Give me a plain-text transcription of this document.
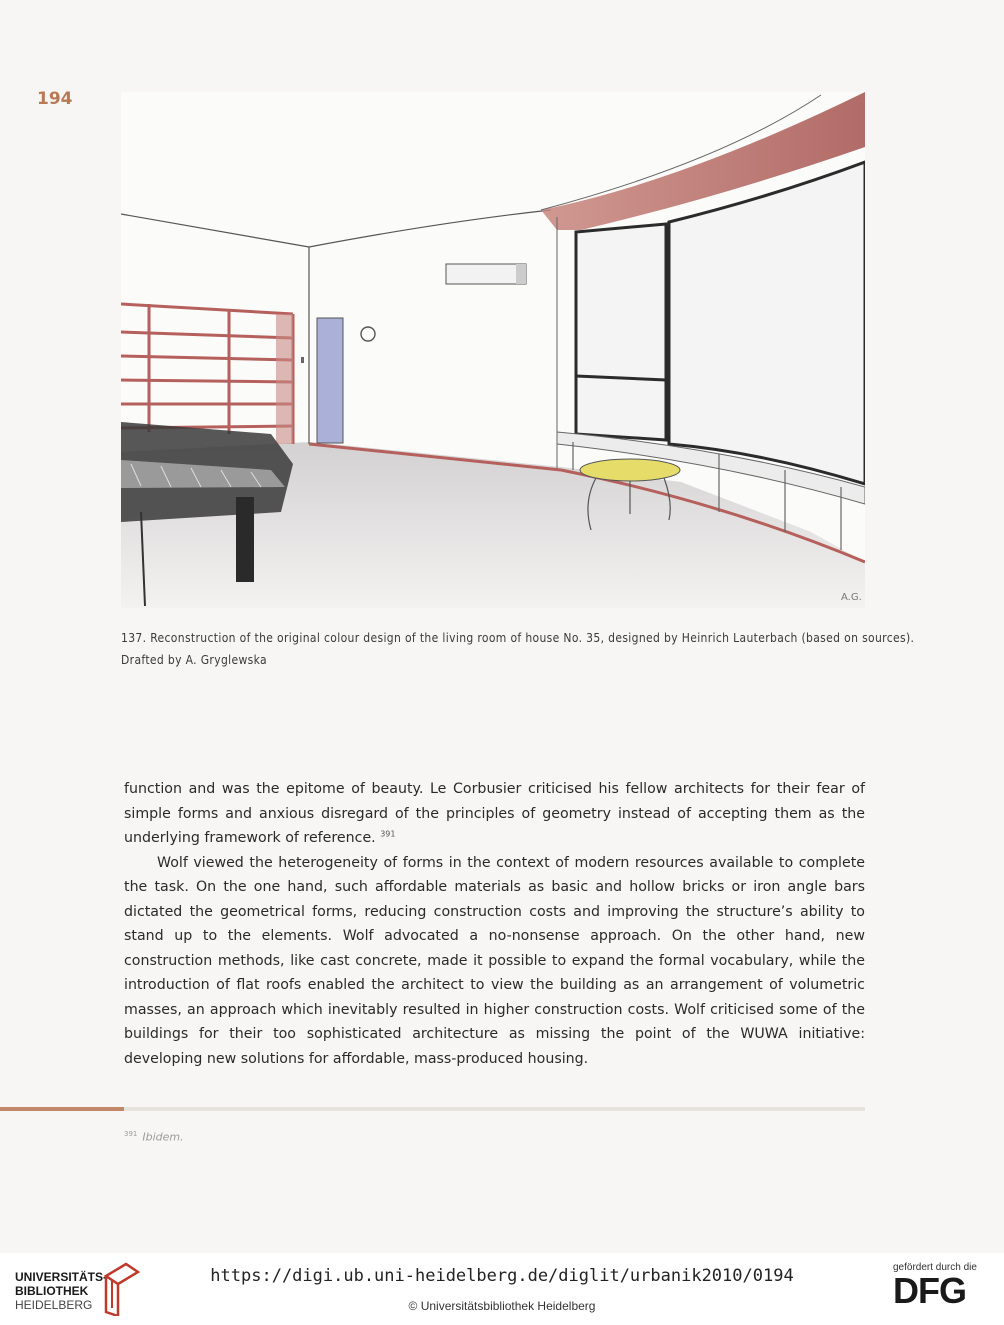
194
A.G.

137. Reconstruction of the original colour design of the living room of house No. 35, designed by Heinrich Lauterbach (based on sources).

Drafted by A. Gryglewska

function and was the epitome of beauty. Le Corbusier criticised his fellow architects for their fear of simple forms and anxious disregard of the principles of geometry instead of accepting them as the underlying framework of reference. $^{391}$

Wolf viewed the heterogeneity of forms in the context of modern resources available to complete the task. On the one hand, such affordable materials as basic and hollow bricks or iron angle bars dictated the geometrical forms, reducing construction costs and improving the structure’s ability to stand up to the elements. Wolf advocated a no-nonsense approach. On the other hand, new construction methods, like cast concrete, made it possible to expand the formal vocabulary, while the introduction of flat roofs enabled the architect to view the building as an arrangement of volumetric masses, an approach which inevitably resulted in higher construction costs. Wolf criticised some of the buildings for their too sophisticated architecture as missing the point of the WUWA initiative: developing new solutions for affordable, mass-produced housing.

$^{391}$ Ibidem.
UNIVERSITÄTS-
BIBLIOTHEK
HEIDELBERG
https://digi.ub.uni-heidelberg.de/diglit/urbanik2010/0194
© Universitätsbibliothek Heidelberg
gefördert durch die
DFG
